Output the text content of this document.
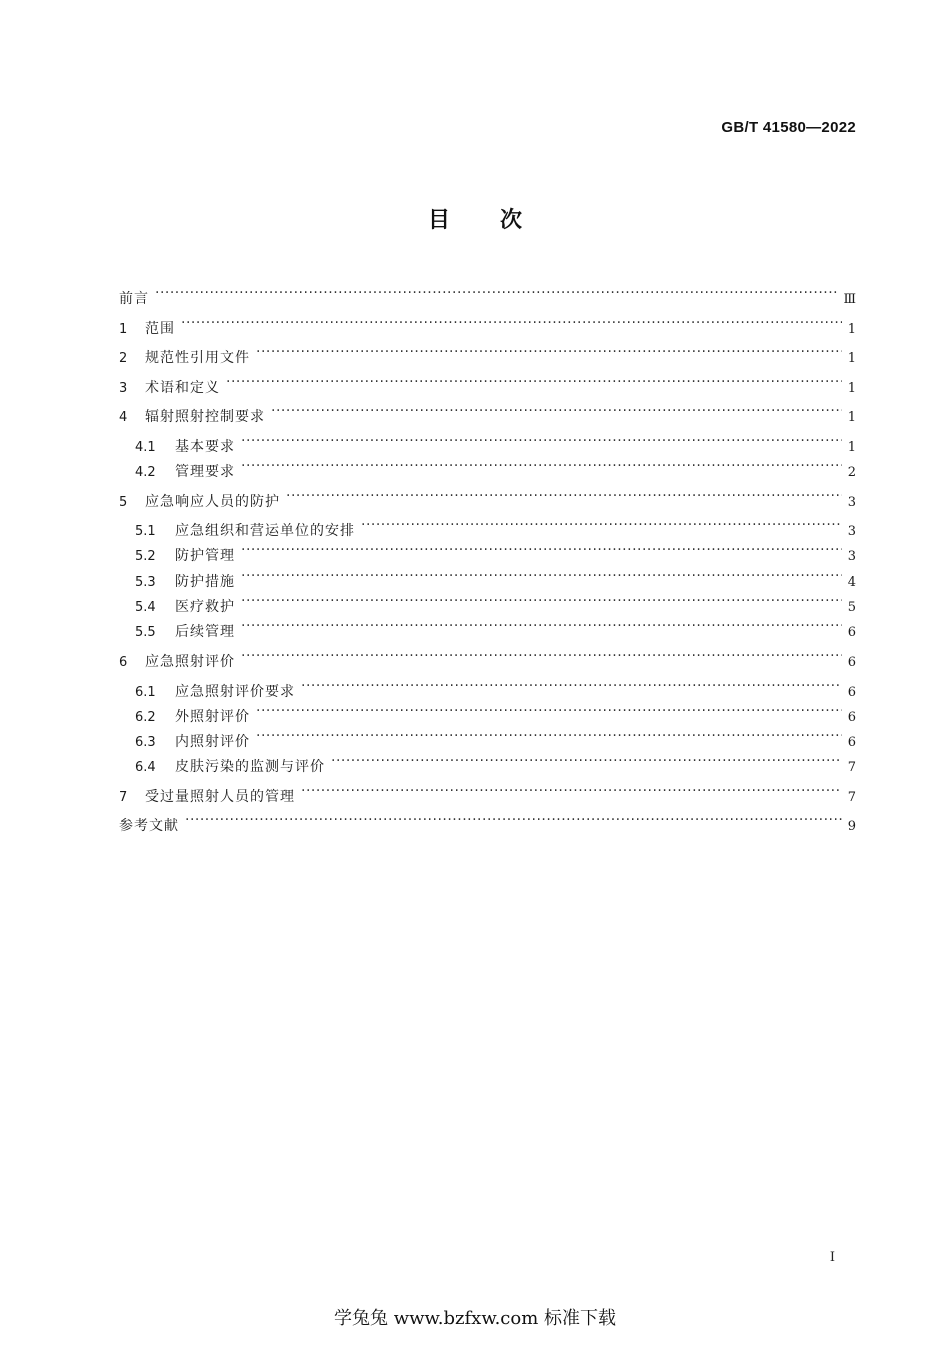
GB/T 41580—2022
目次
前言 ·····	Ⅲ
1	范围 ·····	1
2	规范性引用文件 ·····	1
3	术语和定义 ·····	1
4	辐射照射控制要求 ·····	1
4.1	基本要求 ·····	1
4.2	管理要求 ·····	2
5	应急响应人员的防护 ·····	3
5.1	应急组织和营运单位的安排 ·····	3
5.2	防护管理 ·····	3
5.3	防护措施 ·····	4
5.4	医疗救护 ·····	5
5.5	后续管理 ·····	6
6	应急照射评价 ·····	6
6.1	应急照射评价要求 ·····	6
6.2	外照射评价 ·····	6
6.3	内照射评价 ·····	6
6.4	皮肤污染的监测与评价 ·····	7
7	受过量照射人员的管理 ·····	7
参考文献 ·····	9
I
学兔兔 www.bzfxw.com 标准下载
